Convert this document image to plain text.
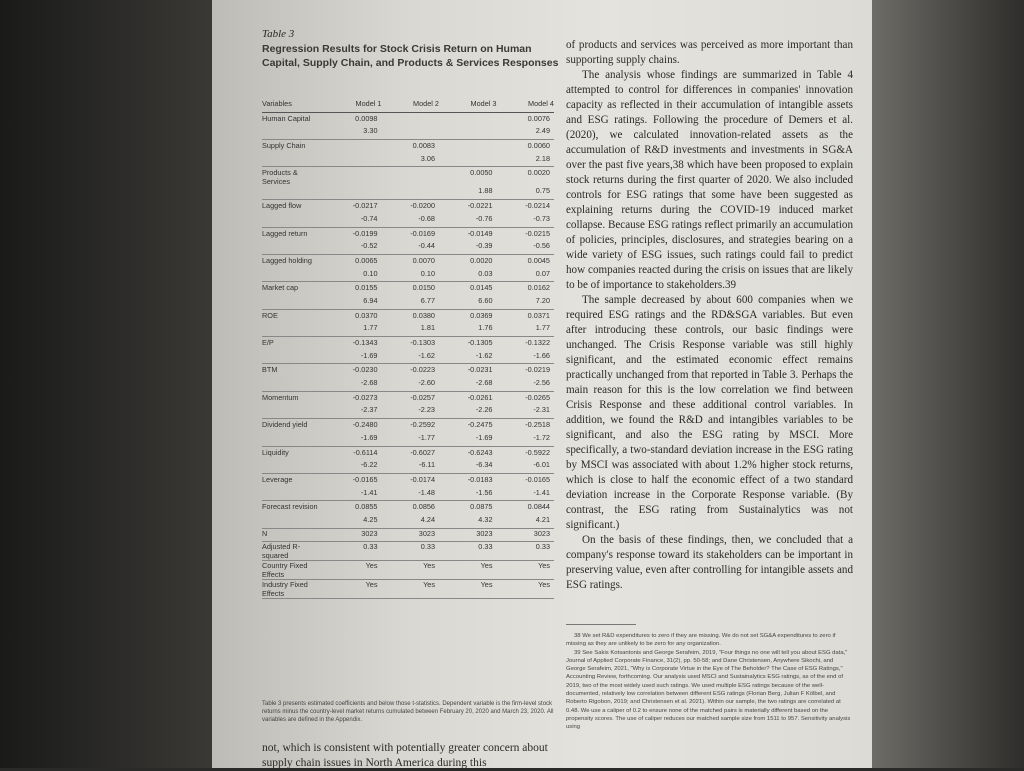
Table 3

Regression Results for Stock Crisis Return on Human
Capital, Supply Chain, and Products & Services Responses

Variables	Model 1	Model 2	Model 3	Model 4
Human Capital	0.0098			0.0076
	3.30			2.49
Supply Chain		0.0083		0.0060
		3.06		2.18
Products & Services			0.0050	0.0020
			1.88	0.75
Lagged flow	-0.0217	-0.0200	-0.0221	-0.0214
	-0.74	-0.68	-0.76	-0.73
Lagged return	-0.0199	-0.0169	-0.0149	-0.0215
	-0.52	-0.44	-0.39	-0.56
Lagged holding	0.0065	0.0070	0.0020	0.0045
	0.10	0.10	0.03	0.07
Market cap	0.0155	0.0150	0.0145	0.0162
	6.94	6.77	6.60	7.20
ROE	0.0370	0.0380	0.0369	0.0371
	1.77	1.81	1.76	1.77
E/P	-0.1343	-0.1303	-0.1305	-0.1322
	-1.69	-1.62	-1.62	-1.66
BTM	-0.0230	-0.0223	-0.0231	-0.0219
	-2.68	-2.60	-2.68	-2.56
Momentum	-0.0273	-0.0257	-0.0261	-0.0265
	-2.37	-2.23	-2.26	-2.31
Dividend yield	-0.2480	-0.2592	-0.2475	-0.2518
	-1.69	-1.77	-1.69	-1.72
Liquidity	-0.6114	-0.6027	-0.6243	-0.5922
	-6.22	-6.11	-6.34	-6.01
Leverage	-0.0165	-0.0174	-0.0183	-0.0165
	-1.41	-1.48	-1.56	-1.41
Forecast revision	0.0855	0.0856	0.0875	0.0844
	4.25	4.24	4.32	4.21
N	3023	3023	3023	3023
Adjusted R-squared	0.33	0.33	0.33	0.33
Country Fixed Effects	Yes	Yes	Yes	Yes
Industry Fixed Effects	Yes	Yes	Yes	Yes

Table 3 presents estimated coefficients and below those t-statistics. Dependent variable is the firm-level stock returns minus the country-level market returns cumulated between February 20, 2020 and March 23, 2020. All variables are defined in the Appendix.

not, which is consistent with potentially greater concern about supply chain issues in North America during this

of products and services was perceived as more important than supporting supply chains.

The analysis whose findings are summarized in Table 4 attempted to control for differences in companies' innovation capacity as reflected in their accumulation of intangible assets and ESG ratings. Following the procedure of Demers et al. (2020), we calculated innovation-related assets as the accumulation of R&D investments and investments in SG&A over the past five years,38 which have been proposed to explain stock returns during the first quarter of 2020. We also included controls for ESG ratings that some have been suggested as explaining returns during the COVID-19 induced market collapse. Because ESG ratings reflect primarily an accumulation of policies, principles, disclosures, and strategies bearing on a wide variety of ESG issues, such ratings could fail to predict how companies reacted during the crisis on issues that are likely to be of importance to stakeholders.39

The sample decreased by about 600 companies when we required ESG ratings and the RD&SGA variables. But even after introducing these controls, our basic findings were unchanged. The Crisis Response variable was still highly significant, and the estimated economic effect remains practically unchanged from that reported in Table 3. Perhaps the main reason for this is the low correlation we find between Crisis Response and these additional control variables. In addition, we found the R&D and intangibles variables to be significant, and also the ESG rating by MSCI. More specifically, a two-standard deviation increase in the ESG rating by MSCI was associated with about 1.2% higher stock returns, which is close to half the economic effect of a two standard deviation increase in the Corporate Response variable. (By contrast, the ESG rating from Sustainalytics was not significant.)

On the basis of these findings, then, we concluded that a company's response toward its stakeholders can be important in preserving value, even after controlling for intangible assets and ESG ratings.

38 We set R&D expenditures to zero if they are missing. We do not set SG&A expenditures to zero if missing as they are unlikely to be zero for any organization.

39 See Sakis Kotsantonis and George Serafeim, 2019, "Four things no one will tell you about ESG data," Journal of Applied Corporate Finance, 31(2), pp. 50-58; and Dane Christensen, Anywhere Sikochi, and George Serafeim, 2021, "Why is Corporate Virtue in the Eye of The Beholder? The Case of ESG Ratings," Accounting Review, forthcoming. Our analysis used MSCI and Sustainalytics ESG ratings, as of the end of 2019, two of the most widely used such ratings. We used multiple ESG ratings because of the well-documented, relatively low correlation between different ESG ratings (Florian Berg, Julian F Kölbel, and Roberto Rigobon, 2019; and Christensen et al. 2021). Within our sample, the two ratings are correlated at 0.48. We use a caliper of 0.2 to ensure none of the matched pairs is materially different based on the propensity scores. The use of caliper reduces our matched sample size from 1511 to 957. Sensitivity analysis using
